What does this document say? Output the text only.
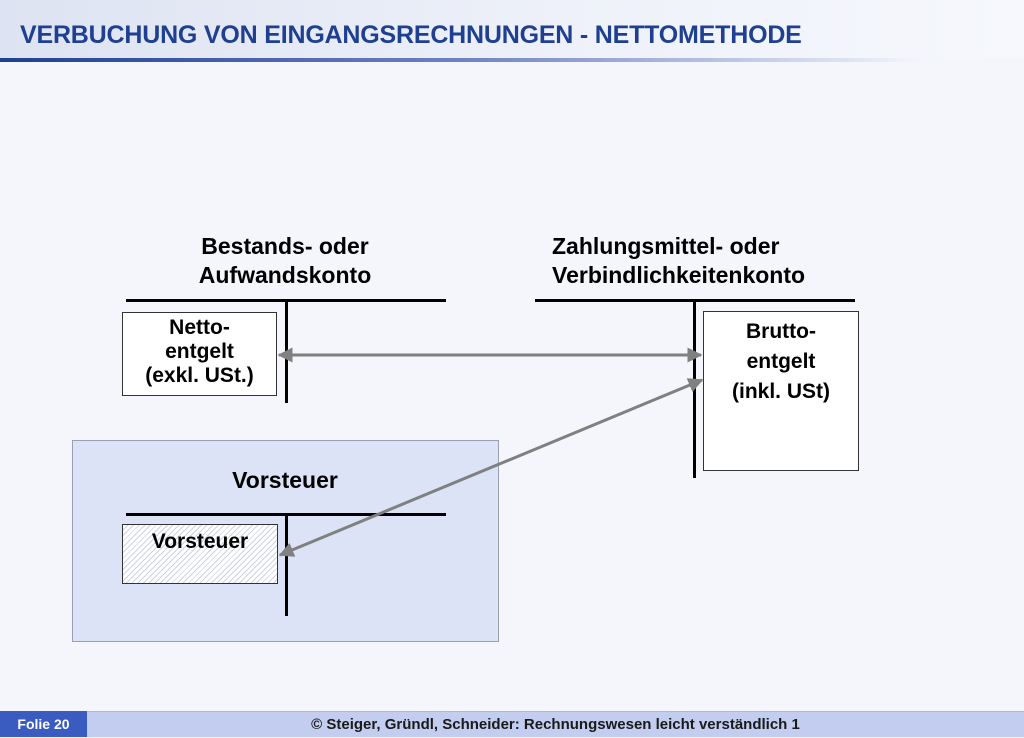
VERBUCHUNG VON EINGANGSRECHNUNGEN - NETTOMETHODE
Bestands- oder
Aufwandskonto
Netto-
entgelt
(exkl. USt.)
Zahlungsmittel- oder
Verbindlichkeitenkonto
Brutto-
entgelt
(inkl. USt)
Vorsteuer
Vorsteuer
Folie 20	© Steiger, Gründl, Schneider: Rechnungswesen leicht verständlich 1
